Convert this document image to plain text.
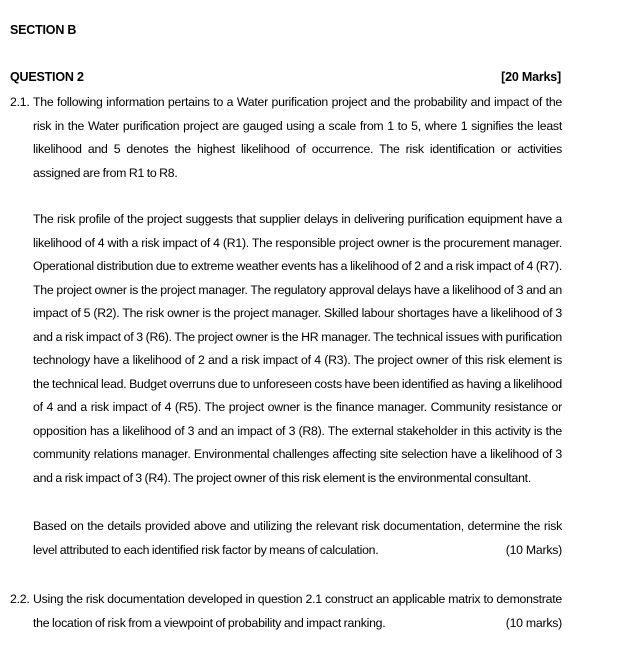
SECTION B
QUESTION 2	[20 Marks]
2.1. The following information pertains to a Water purification project and the probability and impact of the risk in the Water purification project are gauged using a scale from 1 to 5, where 1 signifies the least likelihood and 5 denotes the highest likelihood of occurrence. The risk identification or activities assigned are from R1 to R8.
The risk profile of the project suggests that supplier delays in delivering purification equipment have a likelihood of 4 with a risk impact of 4 (R1). The responsible project owner is the procurement manager. Operational distribution due to extreme weather events has a likelihood of 2 and a risk impact of 4 (R7). The project owner is the project manager. The regulatory approval delays have a likelihood of 3 and an impact of 5 (R2). The risk owner is the project manager. Skilled labour shortages have a likelihood of 3 and a risk impact of 3 (R6). The project owner is the HR manager. The technical issues with purification technology have a likelihood of 2 and a risk impact of 4 (R3). The project owner of this risk element is the technical lead. Budget overruns due to unforeseen costs have been identified as having a likelihood of 4 and a risk impact of 4 (R5). The project owner is the finance manager. Community resistance or opposition has a likelihood of 3 and an impact of 3 (R8). The external stakeholder in this activity is the community relations manager. Environmental challenges affecting site selection have a likelihood of 3 and a risk impact of 3 (R4). The project owner of this risk element is the environmental consultant.
Based on the details provided above and utilizing the relevant risk documentation, determine the risk level attributed to each identified risk factor by means of calculation.	(10 Marks)
2.2. Using the risk documentation developed in question 2.1 construct an applicable matrix to demonstrate the location of risk from a viewpoint of probability and impact ranking.	(10 marks)
